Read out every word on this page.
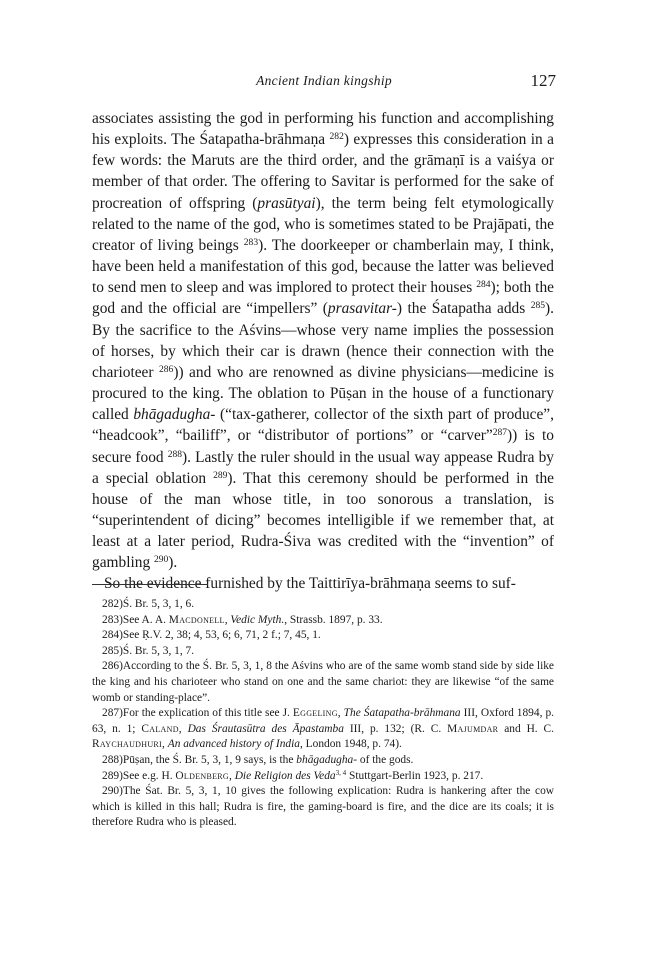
Ancient Indian kingship	127

associates assisting the god in performing his function and accomplishing his exploits. The Śatapatha-brāhmaṇa $^{282}$) expresses this consideration in a few words: the Maruts are the third order, and the grāmaṇī is a vaiśya or member of that order. The offering to Savitar is performed for the sake of procreation of offspring (prasūtyai), the term being felt etymologically related to the name of the god, who is sometimes stated to be Prajāpati, the creator of living beings $^{283}$). The doorkeeper or chamberlain may, I think, have been held a manifestation of this god, because the latter was believed to send men to sleep and was implored to protect their houses $^{284}$); both the god and the official are “impellers” (prasavitar-) the Śatapatha adds $^{285}$). By the sacrifice to the Aśvins—whose very name implies the possession of horses, by which their car is drawn (hence their connection with the charioteer $^{286}$)) and who are renowned as divine physicians—medicine is procured to the king. The oblation to Pūṣan in the house of a functionary called bhāgadugha- (“tax-gatherer, collector of the sixth part of produce”, “headcook”, “bailiff”, or “distributor of portions” or “carver”$^{287}$)) is to secure food $^{288}$). Lastly the ruler should in the usual way appease Rudra by a special oblation $^{289}$). That this ceremony should be performed in the house of the man whose title, in too sonorous a translation, is “superintendent of dicing” becomes intelligible if we remember that, at least at a later period, Rudra-Śiva was credited with the “invention” of gambling $^{290}$).

So the evidence furnished by the Taittirīya-brāhmaṇa seems to suf-

282)Ś. Br. 5, 3, 1, 6.

283)See A. A. Macdonell, Vedic Myth., Strassb. 1897, p. 33.

284)See Ṛ.V. 2, 38; 4, 53, 6; 6, 71, 2 f.; 7, 45, 1.

285)Ś. Br. 5, 3, 1, 7.

286)According to the Ś. Br. 5, 3, 1, 8 the Aśvins who are of the same womb stand side by side like the king and his charioteer who stand on one and the same chariot: they are likewise “of the same womb or standing-place”.

287)For the explication of this title see J. Eggeling, The Śatapatha-brāhmana III, Oxford 1894, p. 63, n. 1; Caland, Das Śrautasūtra des Āpastamba III, p. 132; (R. C. Majumdar and H. C. Raychaudhuri, An advanced history of India, London 1948, p. 74).

288)Pūṣan, the Ś. Br. 5, 3, 1, 9 says, is the bhāgadugha- of the gods.

289)See e.g. H. Oldenberg, Die Religion des Veda$^{3, 4}$ Stuttgart-Berlin 1923, p. 217.

290)The Śat. Br. 5, 3, 1, 10 gives the following explication: Rudra is hankering after the cow which is killed in this hall; Rudra is fire, the gaming-board is fire, and the dice are its coals; it is therefore Rudra who is pleased.
